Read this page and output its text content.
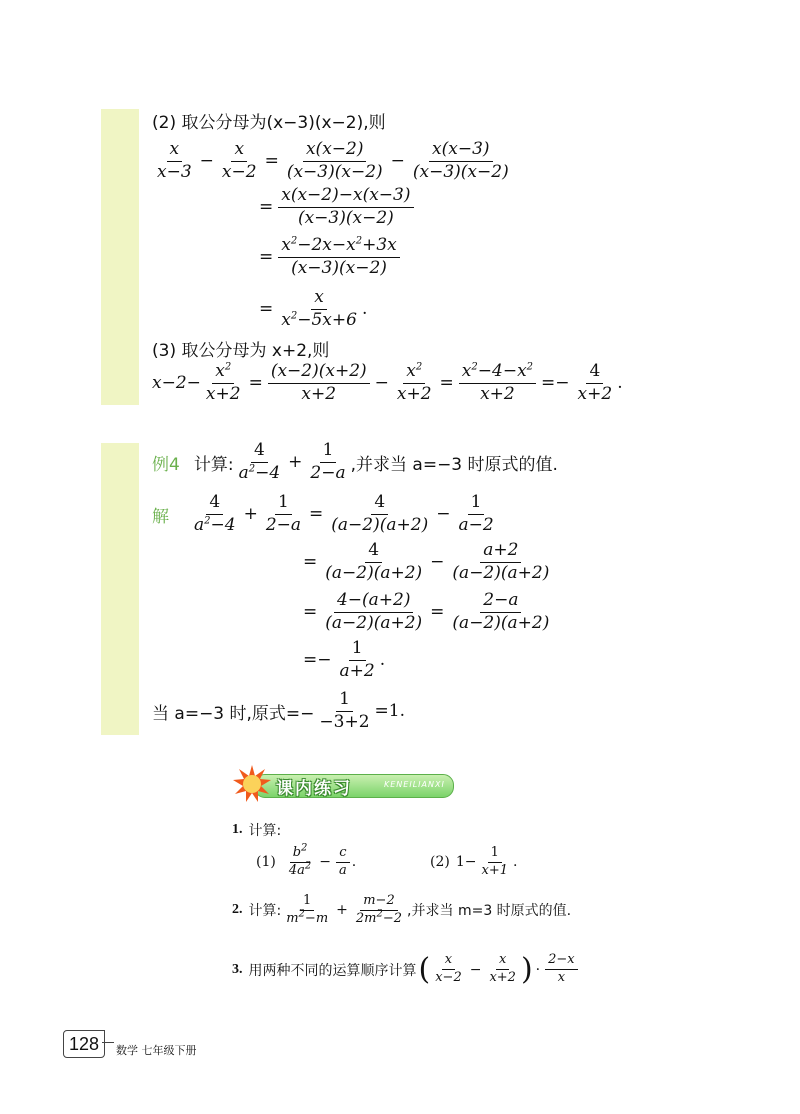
(2) 取公分母为(x−3)(x−2),则
$\frac{x}{x-3} - \frac{x}{x-2} = \frac{x(x-2)}{(x-3)(x-2)} - \frac{x(x-3)}{(x-3)(x-2)}$
= $\frac{x(x-2)-x(x-3)}{(x-3)(x-2)}$
= $\frac{x^2-2x-x^2+3x}{(x-3)(x-2)}$
= $\frac{x}{x^2-5x+6}$ .
(3) 取公分母为 x+2,则
$x-2- \frac{x^2}{x+2} = \frac{(x-2)(x+2)}{x+2} - \frac{x^2}{x+2} = \frac{x^2-4-x^2}{x+2} =- \frac{4}{x+2}$ .
例4 计算: $\frac{4}{a^2-4} + \frac{1}{2-a}$ ,并求当 a=−3 时原式的值.
解 $\frac{4}{a^2-4} + \frac{1}{2-a} = \frac{4}{(a-2)(a+2)} - \frac{1}{a-2}$
= $\frac{4}{(a-2)(a+2)} - \frac{a+2}{(a-2)(a+2)}$
= $\frac{4-(a+2)}{(a-2)(a+2)} = \frac{2-a}{(a-2)(a+2)}$
=− $\frac{1}{a+2}$ .
当 a=−3 时,原式=− $\frac{1}{-3+2} =1$.
课内练习	KENEILIANXI
1. 计算:
$(1) \frac{b^2}{4a^2} - \frac{c}{a}$ .	(2) $1- \frac{1}{x+1}$ .
2. 计算: $\frac{1}{m^2-m} + \frac{m-2}{2m^2-2}$ ,并求当 m=3 时原式的值.
3. 用两种不同的运算顺序计算 ( $\frac{x}{x-2} - \frac{x}{x+2}$ ) · $\frac{2-x}{x}$
128	数学 七年级下册
